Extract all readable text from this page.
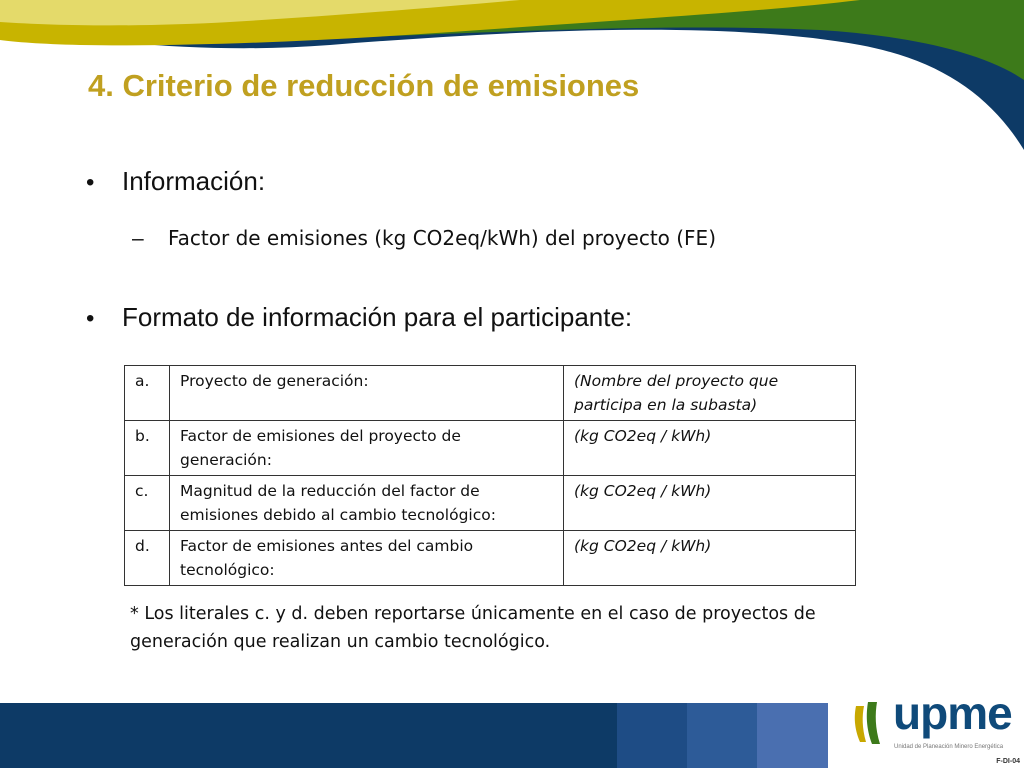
4. Criterio de reducción de emisiones
•	Información:
–	Factor de emisiones (kg CO2eq/kWh) del proyecto (FE)
•	Formato de información para el participante:
a.	Proyecto de generación:	(Nombre del proyecto que participa en la subasta)
b.	Factor de emisiones del proyecto de generación:	(kg CO2eq / kWh)
c.	Magnitud de la reducción del factor de emisiones debido al cambio tecnológico:	(kg CO2eq / kWh)
d.	Factor de emisiones antes del cambio tecnológico:	(kg CO2eq / kWh)
* Los literales c. y d. deben reportarse únicamente en el caso de proyectos de generación que realizan un cambio tecnológico.
upme
Unidad de Planeación Minero Energética
F-DI-04
